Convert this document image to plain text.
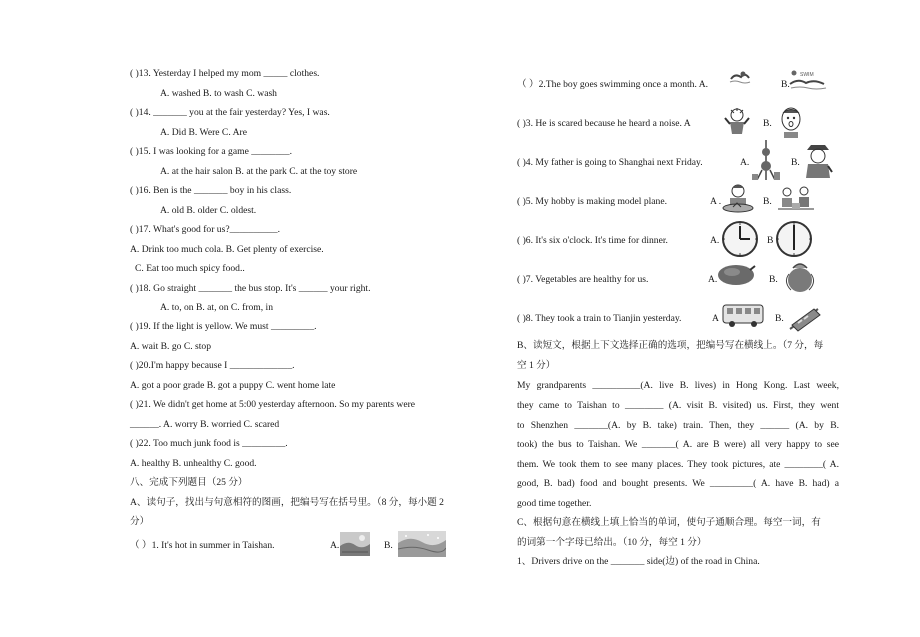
( )13. Yesterday I helped my mom _____ clothes.
A. washed B. to wash C. wash
( )14. _______ you at the fair yesterday? Yes, I was.
A. Did B. Were C. Are
( )15. I was looking for a game ________.
A. at the hair salon B. at the park C. at the toy store
( )16. Ben is the _______ boy in his class.
A. old B. older C. oldest.
( )17. What's good for us?__________.
A. Drink too much cola. B. Get plenty of exercise.
C. Eat too much spicy food..
( )18. Go straight _______ the bus stop. It's ______ your right.
A. to, on B. at, on C. from, in
( )19. If the light is yellow. We must _________.
A. wait B. go C. stop
( )20.I'm happy because I _____________.
A. got a poor grade B. got a puppy C. went home late
( )21. We didn't get home at 5:00 yesterday afternoon. So my parents were
______. A. worry B. worried C. scared
( )22. Too much junk food is _________.
A. healthy B. unhealthy C. good.
八、完成下列题目（25 分）
A、读句子，找出与句意相符的图画，把编号写在括号里。（8 分，每小题 2
分）
（ ）1. It's hot in summer in Taishan.	A.	B.
（ ）2.The boy goes swimming once a month. A.	B.
SWIM
( )3. He is scared because he heard a noise. A	B.
( )4. My father is going to Shanghai next Friday.	A.	B.
( )5. My hobby is making model plane.	A .	B.
( )6. It's six o'clock. It's time for dinner.	A.	B
( )7. Vegetables are healthy for us.	A.	B.
( )8. They took a train to Tianjin yesterday.	A	B.
B、读短文，根据上下文选择正确的选项，把编号写在横线上。（7 分，每
空 1 分）
My grandparents __________(A. live B. lives) in Hong Kong. Last week,
they came to Taishan to ________ (A. visit B. visited) us. First, they went
to Shenzhen _______(A. by B. take) train. Then, they ______ (A. by B.
took) the bus to Taishan. We _______( A. are B were) all very happy to see
them. We took them to see many places. They took pictures, ate ________( A.
good, B. bad) food and bought presents. We _________( A. have B. had) a
good time together.
C、根据句意在横线上填上恰当的单词，使句子通顺合理。每空一词，有
的词第一个字母已给出。（10 分，每空 1 分）
1、Drivers drive on the _______ side(边) of the road in China.
